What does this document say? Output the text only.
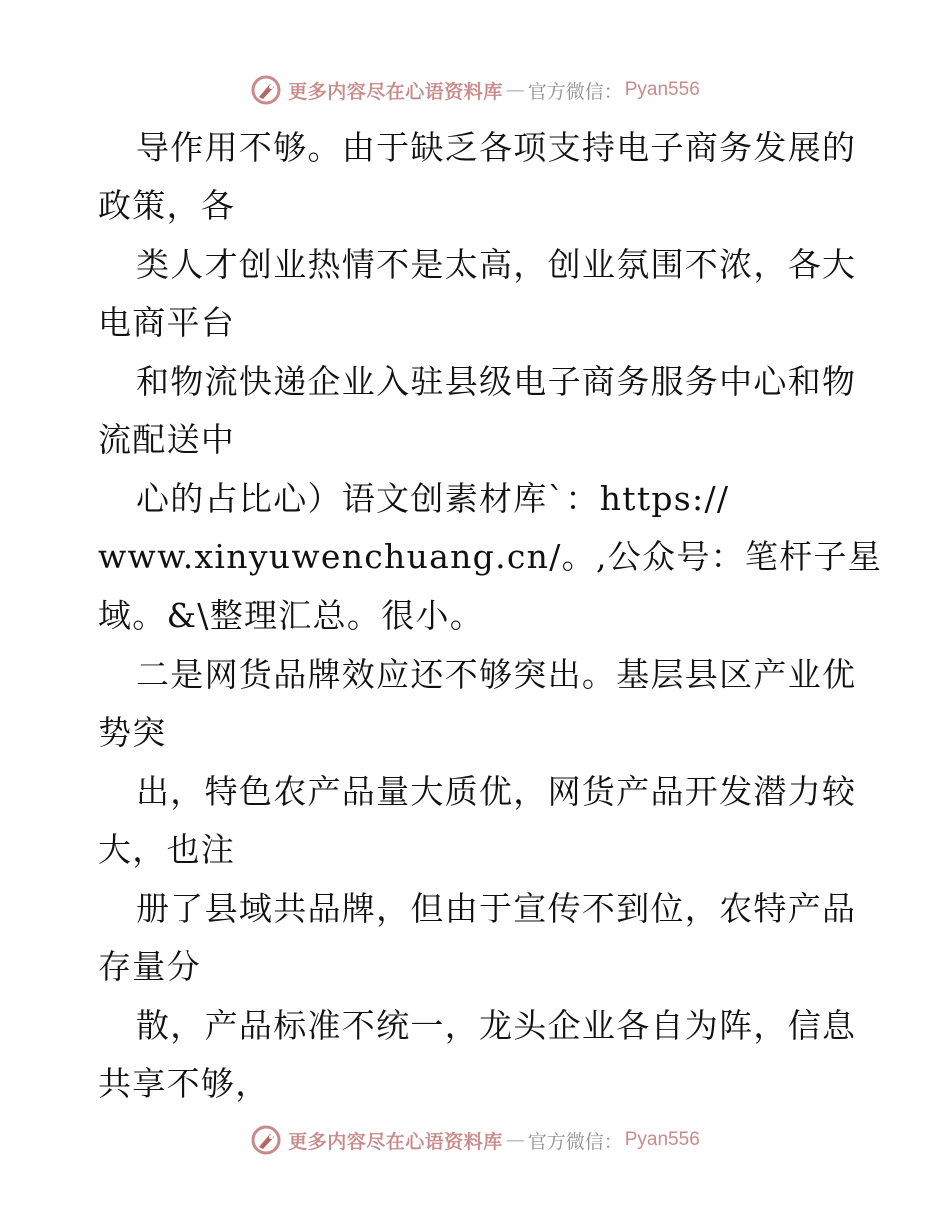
更多内容尽在心语资料库 — 官方微信： Pyan556
导作用不够。由于缺乏各项支持电子商务发展的
政策，各
类人才创业热情不是太高，创业氛围不浓，各大
电商平台
和物流快递企业入驻县级电子商务服务中心和物
流配送中
心的占比心）语文创素材库`：https://
www.xinyuwenchuang.cn/。,公众号：笔杆子星
域。&\整理汇总。很小。
二是网货品牌效应还不够突出。基层县区产业优
势突
出，特色农产品量大质优，网货产品开发潜力较
大，也注
册了县域共品牌，但由于宣传不到位，农特产品
存量分
散，产品标准不统一，龙头企业各自为阵，信息
共享不够，
更多内容尽在心语资料库 — 官方微信： Pyan556
